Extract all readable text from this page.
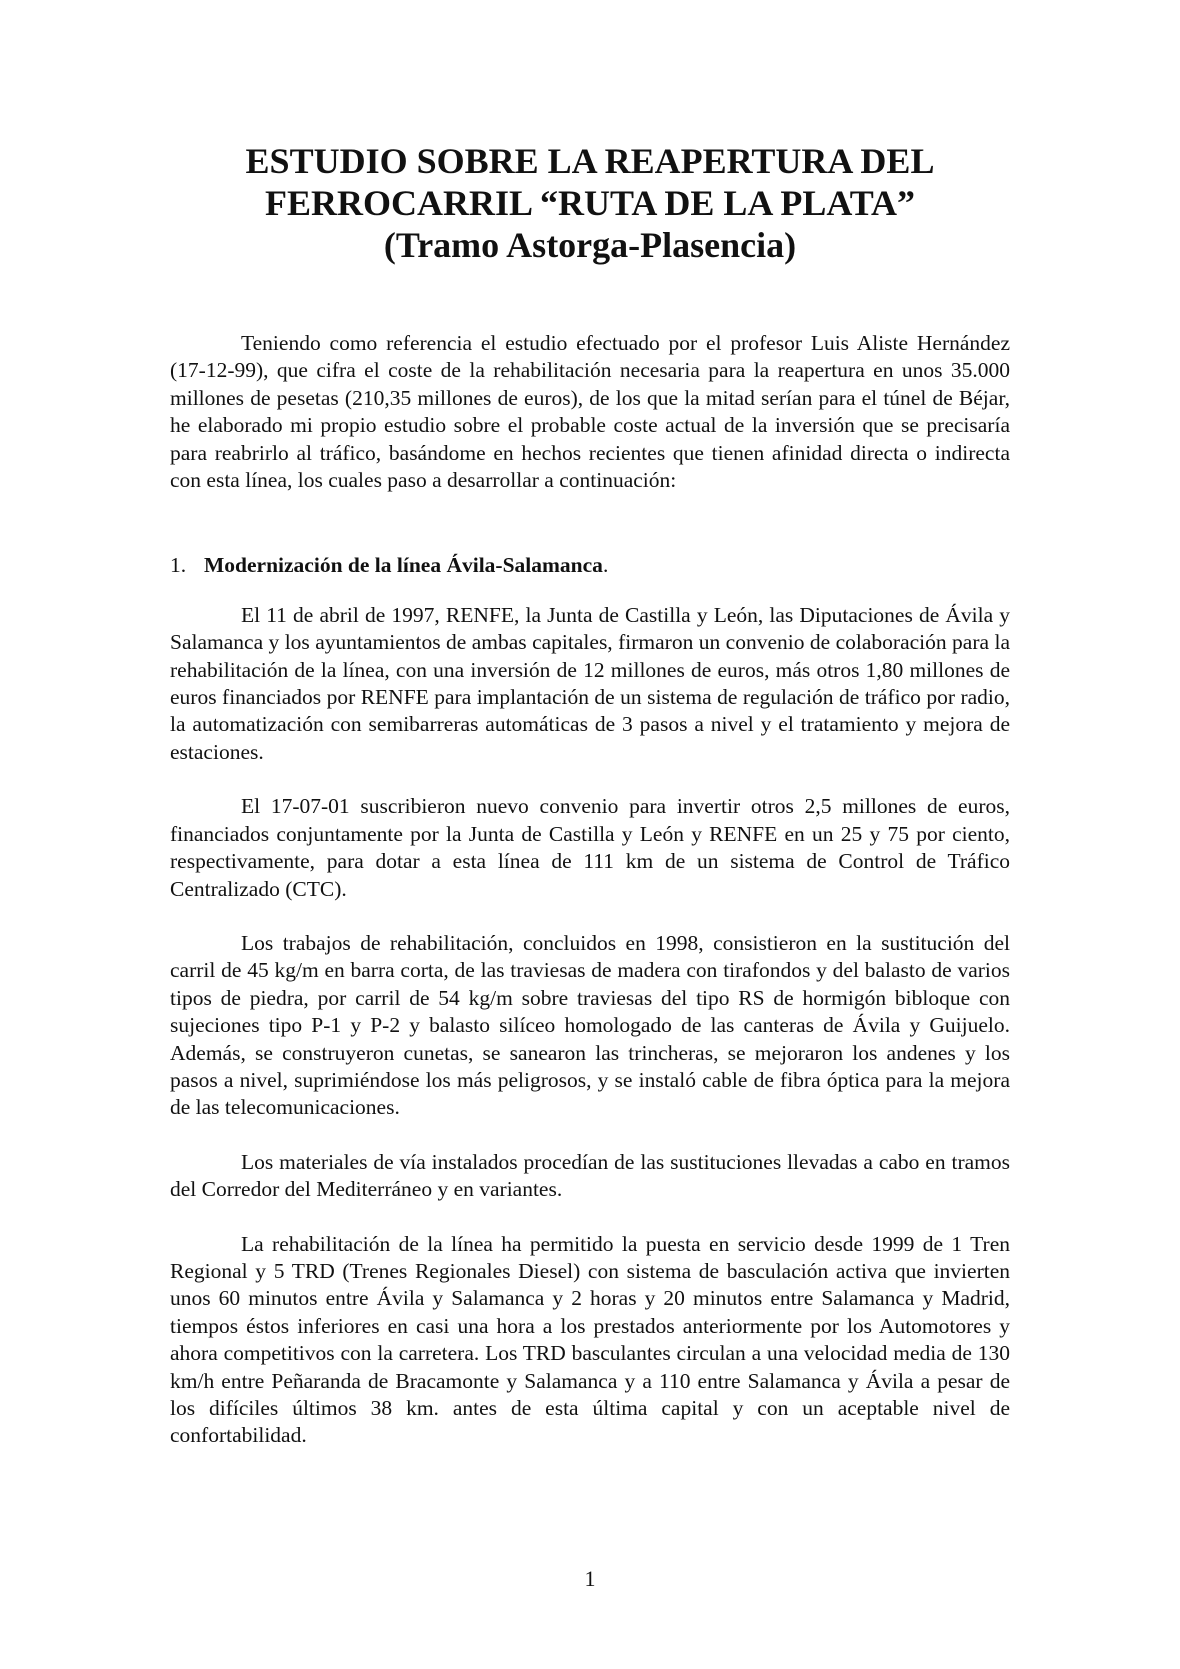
ESTUDIO SOBRE LA REAPERTURA DEL
FERROCARRIL “RUTA DE LA PLATA”
(Tramo Astorga-Plasencia)

Teniendo como referencia el estudio efectuado por el profesor Luis Aliste Hernández (17-12-99), que cifra el coste de la rehabilitación necesaria para la reapertura en unos 35.000 millones de pesetas (210,35 millones de euros), de los que la mitad serían para el túnel de Béjar, he elaborado mi propio estudio sobre el probable coste actual de la inversión que se precisaría para reabrirlo al tráfico, basándome en hechos recientes que tienen afinidad directa o indirecta con esta línea, los cuales paso a desarrollar a continuación:

1. Modernización de la línea Ávila-Salamanca.

El 11 de abril de 1997, RENFE, la Junta de Castilla y León, las Diputaciones de Ávila y Salamanca y los ayuntamientos de ambas capitales, firmaron un convenio de colaboración para la rehabilitación de la línea, con una inversión de 12 millones de euros, más otros 1,80 millones de euros financiados por RENFE para implantación de un sistema de regulación de tráfico por radio, la automatización con semibarreras automáticas de 3 pasos a nivel y el tratamiento y mejora de estaciones.

El 17-07-01 suscribieron nuevo convenio para invertir otros 2,5 millones de euros, financiados conjuntamente por la Junta de Castilla y León y RENFE en un 25 y 75 por ciento, respectivamente, para dotar a esta línea de 111 km de un sistema de Control de Tráfico Centralizado (CTC).

Los trabajos de rehabilitación, concluidos en 1998, consistieron en la sustitución del carril de 45 kg/m en barra corta, de las traviesas de madera con tirafondos y del balasto de varios tipos de piedra, por carril de 54 kg/m sobre traviesas del tipo RS de hormigón bibloque con sujeciones tipo P-1 y P-2 y balasto silíceo homologado de las canteras de Ávila y Guijuelo. Además, se construyeron cunetas, se sanearon las trincheras, se mejoraron los andenes y los pasos a nivel, suprimiéndose los más peligrosos, y se instaló cable de fibra óptica para la mejora de las telecomunicaciones.

Los materiales de vía instalados procedían de las sustituciones llevadas a cabo en tramos del Corredor del Mediterráneo y en variantes.

La rehabilitación de la línea ha permitido la puesta en servicio desde 1999 de 1 Tren Regional y 5 TRD (Trenes Regionales Diesel) con sistema de basculación activa que invierten unos 60 minutos entre Ávila y Salamanca y 2 horas y 20 minutos entre Salamanca y Madrid, tiempos éstos inferiores en casi una hora a los prestados anteriormente por los Automotores y ahora competitivos con la carretera. Los TRD basculantes circulan a una velocidad media de 130 km/h entre Peñaranda de Bracamonte y Salamanca y a 110 entre Salamanca y Ávila a pesar de los difíciles últimos 38 km. antes de esta última capital y con un aceptable nivel de confortabilidad.

1
